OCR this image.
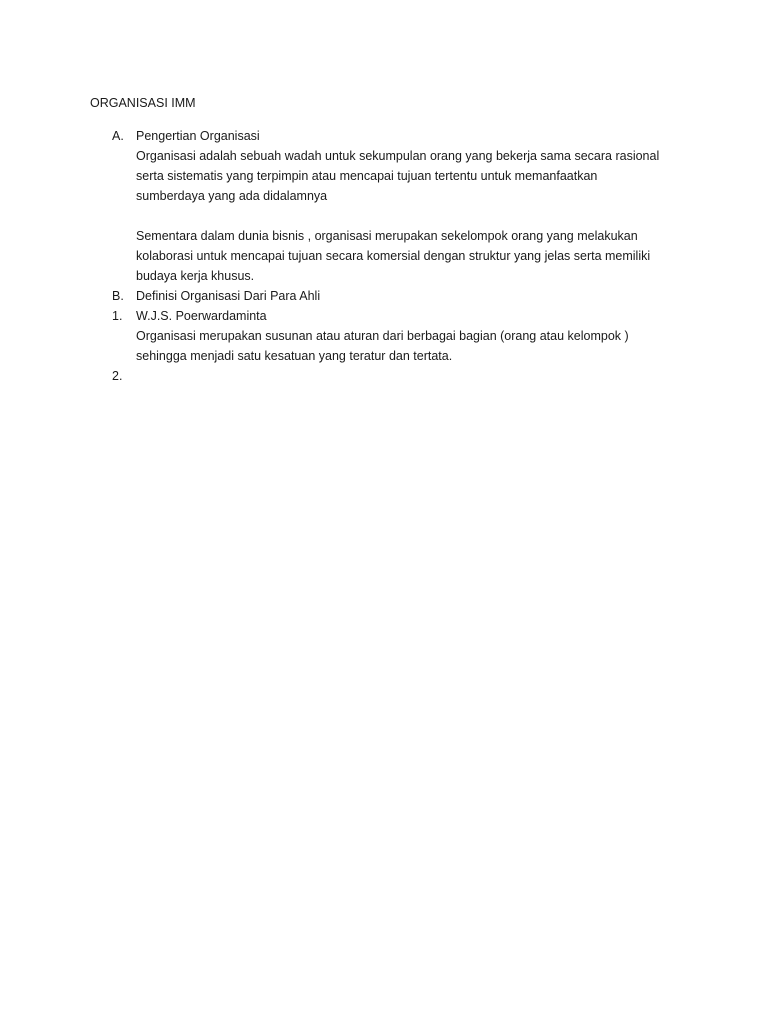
ORGANISASI IMM
A. Pengertian Organisasi
Organisasi adalah sebuah wadah untuk sekumpulan orang yang bekerja sama secara rasional
serta sistematis yang terpimpin atau mencapai tujuan tertentu untuk memanfaatkan
sumberdaya yang ada didalamnya
Sementara dalam dunia bisnis , organisasi merupakan sekelompok orang yang melakukan
kolaborasi untuk mencapai tujuan secara komersial dengan struktur yang jelas serta memiliki
budaya kerja khusus.
B. Definisi Organisasi Dari Para Ahli
1.	W.J.S. Poerwardaminta
Organisasi merupakan susunan atau aturan dari berbagai bagian (orang atau kelompok )
sehingga menjadi satu kesatuan yang teratur dan tertata.
2.
